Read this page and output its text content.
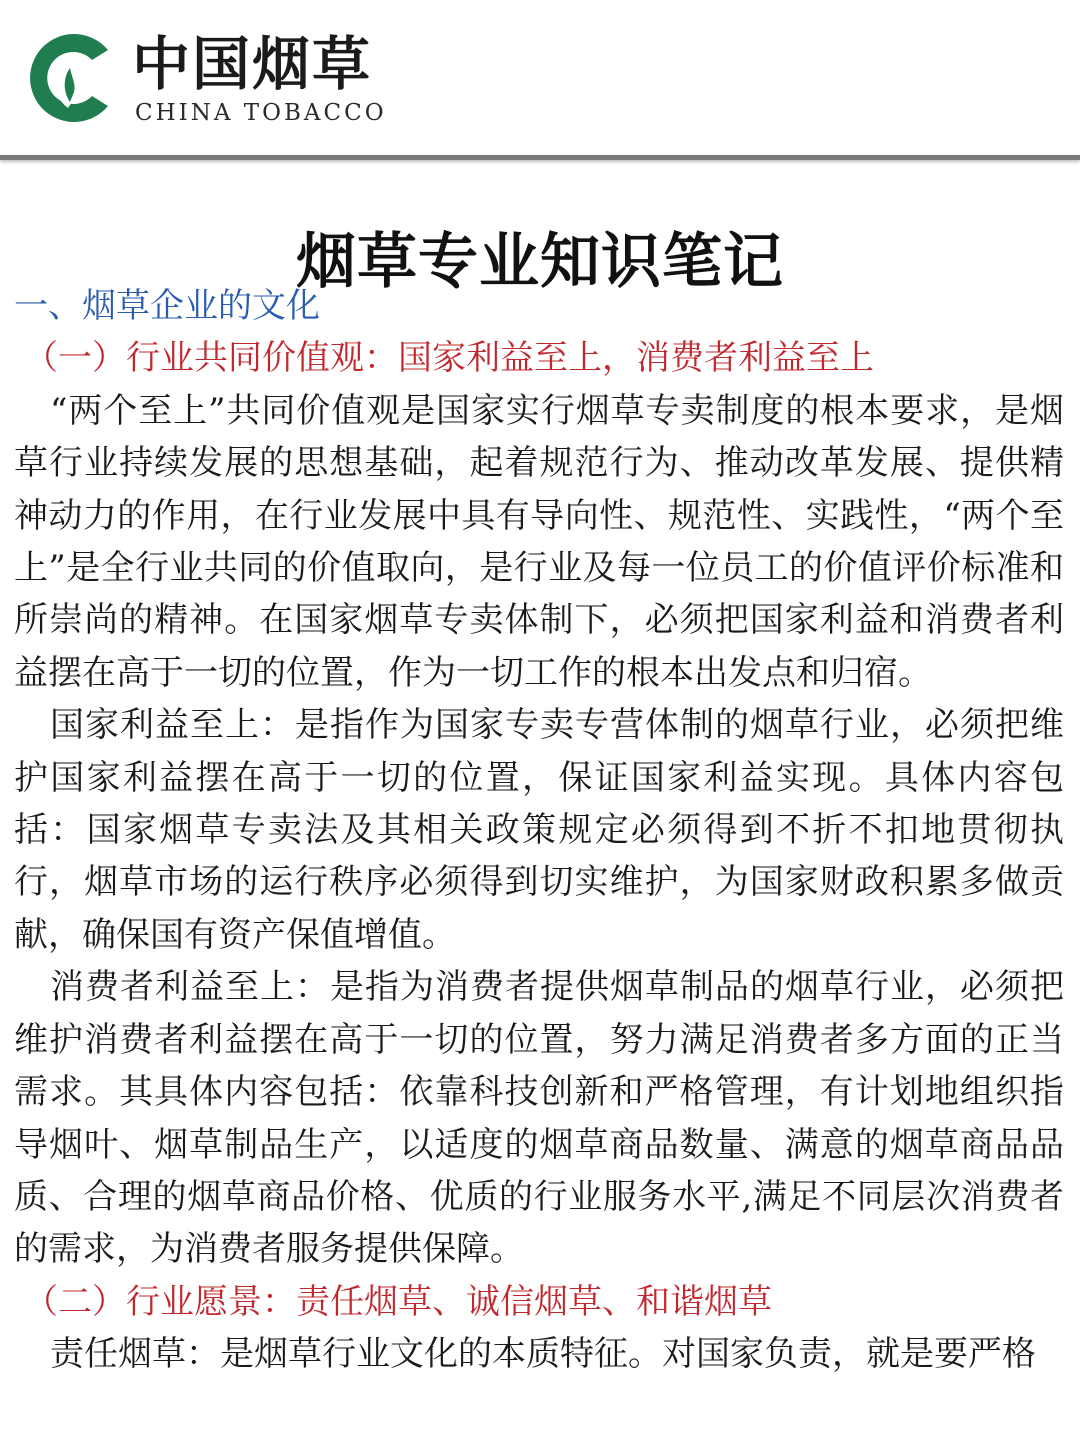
中国烟草
CHINA TOBACCO
烟草专业知识笔记

一、烟草企业的文化

（一）行业共同价值观：国家利益至上，消费者利益至上

“两个至上”共同价值观是国家实行烟草专卖制度的根本要求，是烟草行业持续发展的思想基础，起着规范行为、推动改革发展、提供精神动力的作用，在行业发展中具有导向性、规范性、实践性，“两个至上”是全行业共同的价值取向，是行业及每一位员工的价值评价标准和所崇尚的精神。在国家烟草专卖体制下，必须把国家利益和消费者利益摆在高于一切的位置，作为一切工作的根本出发点和归宿。

国家利益至上：是指作为国家专卖专营体制的烟草行业，必须把维护国家利益摆在高于一切的位置，保证国家利益实现。具体内容包括：国家烟草专卖法及其相关政策规定必须得到不折不扣地贯彻执行，烟草市场的运行秩序必须得到切实维护，为国家财政积累多做贡献，确保国有资产保值增值。

消费者利益至上：是指为消费者提供烟草制品的烟草行业，必须把维护消费者利益摆在高于一切的位置，努力满足消费者多方面的正当需求。其具体内容包括：依靠科技创新和严格管理，有计划地组织指导烟叶、烟草制品生产，以适度的烟草商品数量、满意的烟草商品品质、合理的烟草商品价格、优质的行业服务水平,满足不同层次消费者的需求，为消费者服务提供保障。

（二）行业愿景：责任烟草、诚信烟草、和谐烟草

责任烟草：是烟草行业文化的本质特征。对国家负责，就是要严格
